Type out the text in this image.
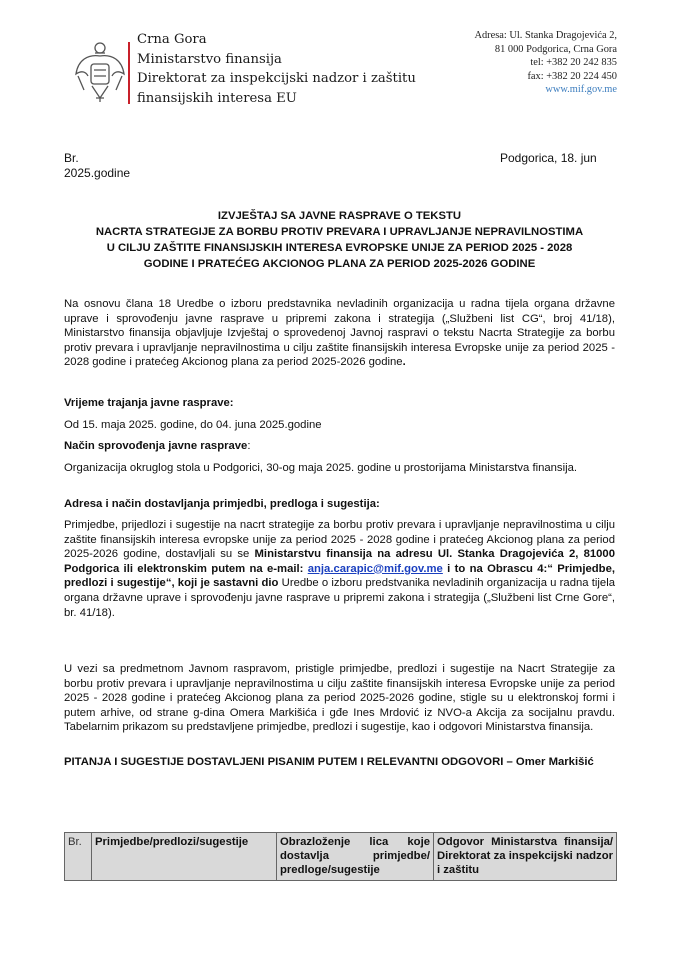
Crna Gora
Ministarstvo finansija
Direktorat za inspekcijski nadzor i zaštitu
finansijskih interesa EU
Adresa: Ul. Stanka Dragojevića 2,
81 000 Podgorica, Crna Gora
tel: +382 20 242 835
fax: +382 20 224 450
www.mif.gov.me
Br.
2025.godine
Podgorica, 18. jun
IZVJEŠTAJ SA JAVNE RASPRAVE O TEKSTU
NACRTA STRATEGIJE ZA BORBU PROTIV PREVARA I UPRAVLJANJE NEPRAVILNOSTIMA
U CILJU ZAŠTITE FINANSIJSKIH INTERESA EVROPSKE UNIJE ZA PERIOD 2025 - 2028
GODINE I PRATEĆEG AKCIONOG PLANA ZA PERIOD 2025-2026 GODINE
Na osnovu člana 18 Uredbe o izboru predstavnika nevladinih organizacija u radna tijela organa državne uprave i sprovođenju javne rasprave u pripremi zakona i strategija („Službeni list CG“, broj 41/18), Ministarstvo finansija objavljuje Izvještaj o sprovedenoj Javnoj raspravi o tekstu Nacrta Strategije za borbu protiv prevara i upravljanje nepravilnostima u cilju zaštite finansijskih interesa Evropske unije za period 2025 - 2028 godine i pratećeg Akcionog plana za period 2025-2026 godine.
Vrijeme trajanja javne rasprave:
Od 15. maja 2025. godine, do 04. juna 2025.godine
Način sprovođenja javne rasprave:
Organizacija okruglog stola u Podgorici, 30-og maja 2025. godine u prostorijama Ministarstva finansija.
Adresa i način dostavljanja primjedbi, predloga i sugestija:
Primjedbe, prijedlozi i sugestije na nacrt strategije za borbu protiv prevara i upravljanje nepravilnostima u cilju zaštite finansijskih interesa evropske unije za period 2025 - 2028 godine i pratećeg Akcionog plana za period 2025-2026 godine, dostavljali su se Ministarstvu finansija na adresu Ul. Stanka Dragojevića 2, 81000 Podgorica ili elektronskim putem na e-mail: anja.carapic@mif.gov.me i to na Obrascu 4:“ Primjedbe, predlozi i sugestije“, koji je sastavni dio Uredbe o izboru predstvanika nevladinih organizacija u radna tijela organa državne uprave i sprovođenju javne rasprave u pripremi zakona i strategija („Službeni list Crne Gore“, br. 41/18).
U vezi sa predmetnom Javnom raspravom, pristigle primjedbe, predlozi i sugestije na Nacrt Strategije za borbu protiv prevara i upravljanje nepravilnostima u cilju zaštite finansijskih interesa Evropske unije za period 2025 - 2028 godine i pratećeg Akcionog plana za period 2025-2026 godine, stigle su u elektronskoj formi i putem arhive, od strane g-dina Omera Markišića i gđe Ines Mrdović iz NVO-a Akcija za socijalnu pravdu. Tabelarnim prikazom su predstavljene primjedbe, predlozi i sugestije, kao i odgovori Ministarstva finansija.
PITANJA I SUGESTIJE DOSTAVLJENI PISANIM PUTEM I RELEVANTNI ODGOVORI – Omer Markišić
Br.	Primjedbe/predlozi/sugestije	Obrazloženje lica koje dostavlja primjedbe/ predloge/sugestije	Odgovor Ministarstva finansija/ Direktorat za inspekcijski nadzor i zaštitu
